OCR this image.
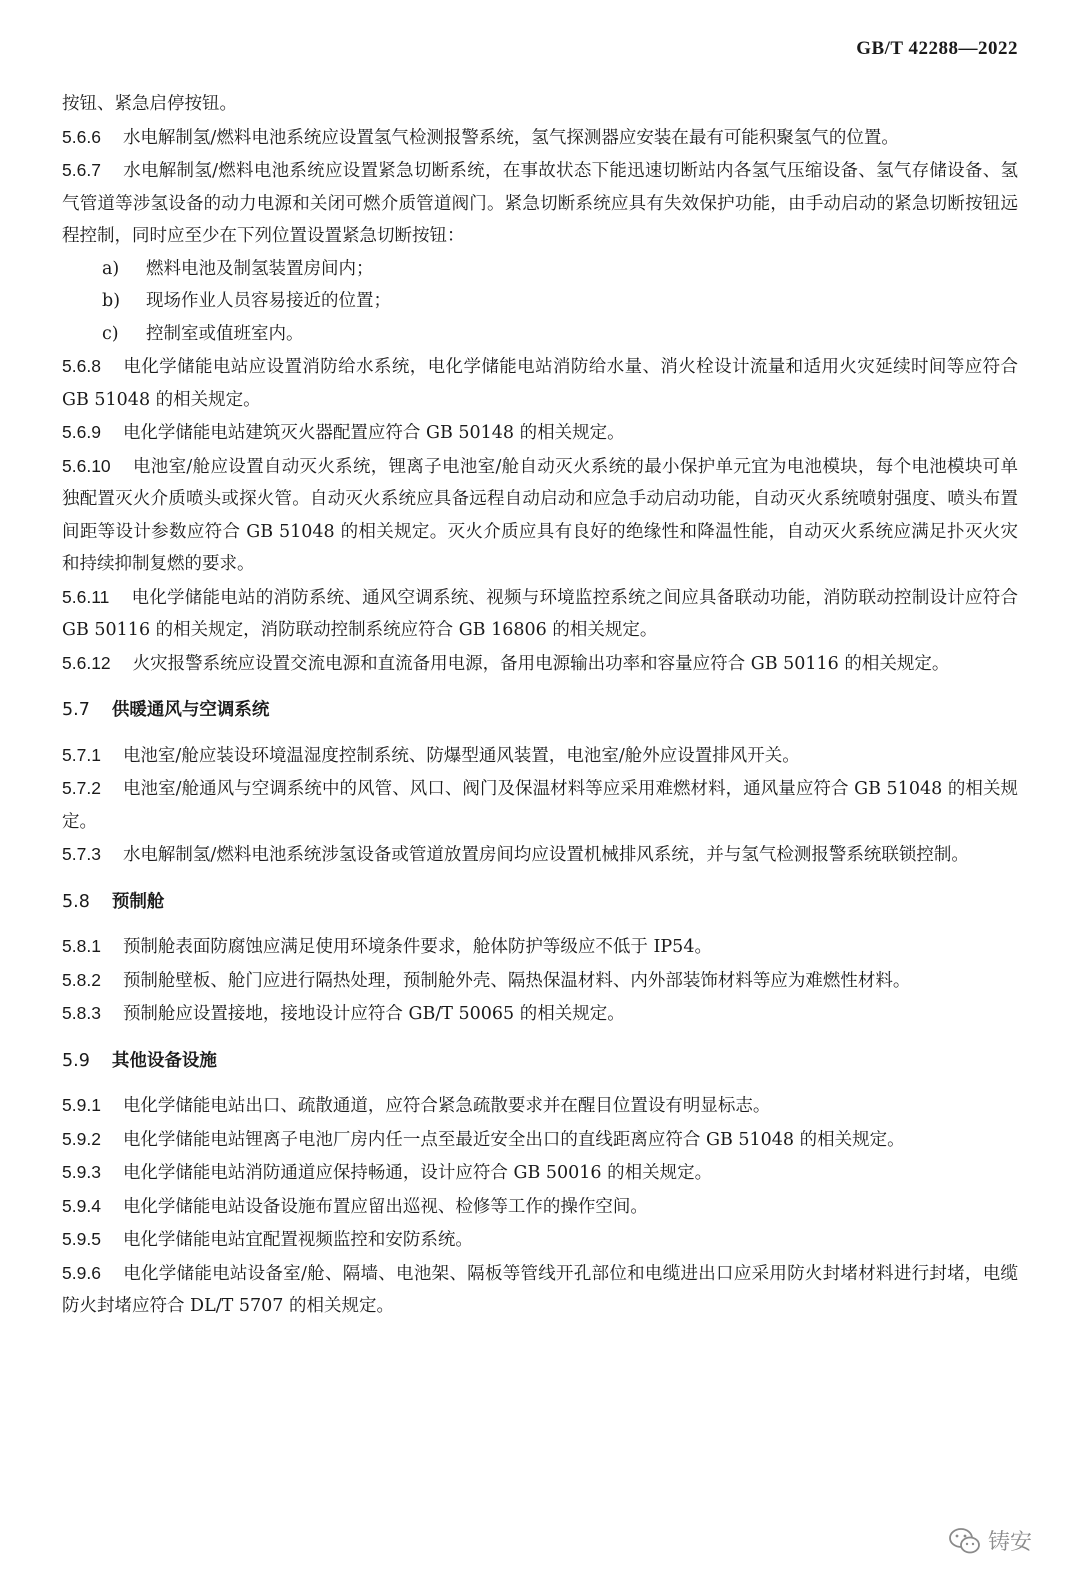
GB/T 42288—2022

按钮、紧急启停按钮。

5.6.6 水电解制氢/燃料电池系统应设置氢气检测报警系统，氢气探测器应安装在最有可能积聚氢气的位置。

5.6.7 水电解制氢/燃料电池系统应设置紧急切断系统，在事故状态下能迅速切断站内各氢气压缩设备、氢气存储设备、氢气管道等涉氢设备的动力电源和关闭可燃介质管道阀门。紧急切断系统应具有失效保护功能，由手动启动的紧急切断按钮远程控制，同时应至少在下列位置设置紧急切断按钮：

a) 燃料电池及制氢装置房间内；

b) 现场作业人员容易接近的位置；

c) 控制室或值班室内。

5.6.8 电化学储能电站应设置消防给水系统，电化学储能电站消防给水量、消火栓设计流量和适用火灾延续时间等应符合 GB 51048 的相关规定。

5.6.9 电化学储能电站建筑灭火器配置应符合 GB 50148 的相关规定。

5.6.10 电池室/舱应设置自动灭火系统，锂离子电池室/舱自动灭火系统的最小保护单元宜为电池模块，每个电池模块可单独配置灭火介质喷头或探火管。自动灭火系统应具备远程自动启动和应急手动启动功能，自动灭火系统喷射强度、喷头布置间距等设计参数应符合 GB 51048 的相关规定。灭火介质应具有良好的绝缘性和降温性能，自动灭火系统应满足扑灭火灾和持续抑制复燃的要求。

5.6.11 电化学储能电站的消防系统、通风空调系统、视频与环境监控系统之间应具备联动功能，消防联动控制设计应符合 GB 50116 的相关规定，消防联动控制系统应符合 GB 16806 的相关规定。

5.6.12 火灾报警系统应设置交流电源和直流备用电源，备用电源输出功率和容量应符合 GB 50116 的相关规定。

5.7 供暖通风与空调系统

5.7.1 电池室/舱应装设环境温湿度控制系统、防爆型通风装置，电池室/舱外应设置排风开关。

5.7.2 电池室/舱通风与空调系统中的风管、风口、阀门及保温材料等应采用难燃材料，通风量应符合 GB 51048 的相关规定。

5.7.3 水电解制氢/燃料电池系统涉氢设备或管道放置房间均应设置机械排风系统，并与氢气检测报警系统联锁控制。

5.8 预制舱

5.8.1 预制舱表面防腐蚀应满足使用环境条件要求，舱体防护等级应不低于 IP54。

5.8.2 预制舱壁板、舱门应进行隔热处理，预制舱外壳、隔热保温材料、内外部装饰材料等应为难燃性材料。

5.8.3 预制舱应设置接地，接地设计应符合 GB/T 50065 的相关规定。

5.9 其他设备设施

5.9.1 电化学储能电站出口、疏散通道，应符合紧急疏散要求并在醒目位置设有明显标志。

5.9.2 电化学储能电站锂离子电池厂房内任一点至最近安全出口的直线距离应符合 GB 51048 的相关规定。

5.9.3 电化学储能电站消防通道应保持畅通，设计应符合 GB 50016 的相关规定。

5.9.4 电化学储能电站设备设施布置应留出巡视、检修等工作的操作空间。

5.9.5 电化学储能电站宜配置视频监控和安防系统。

5.9.6 电化学储能电站设备室/舱、隔墙、电池架、隔板等管线开孔部位和电缆进出口应采用防火封堵材料进行封堵，电缆防火封堵应符合 DL/T 5707 的相关规定。

铸安
